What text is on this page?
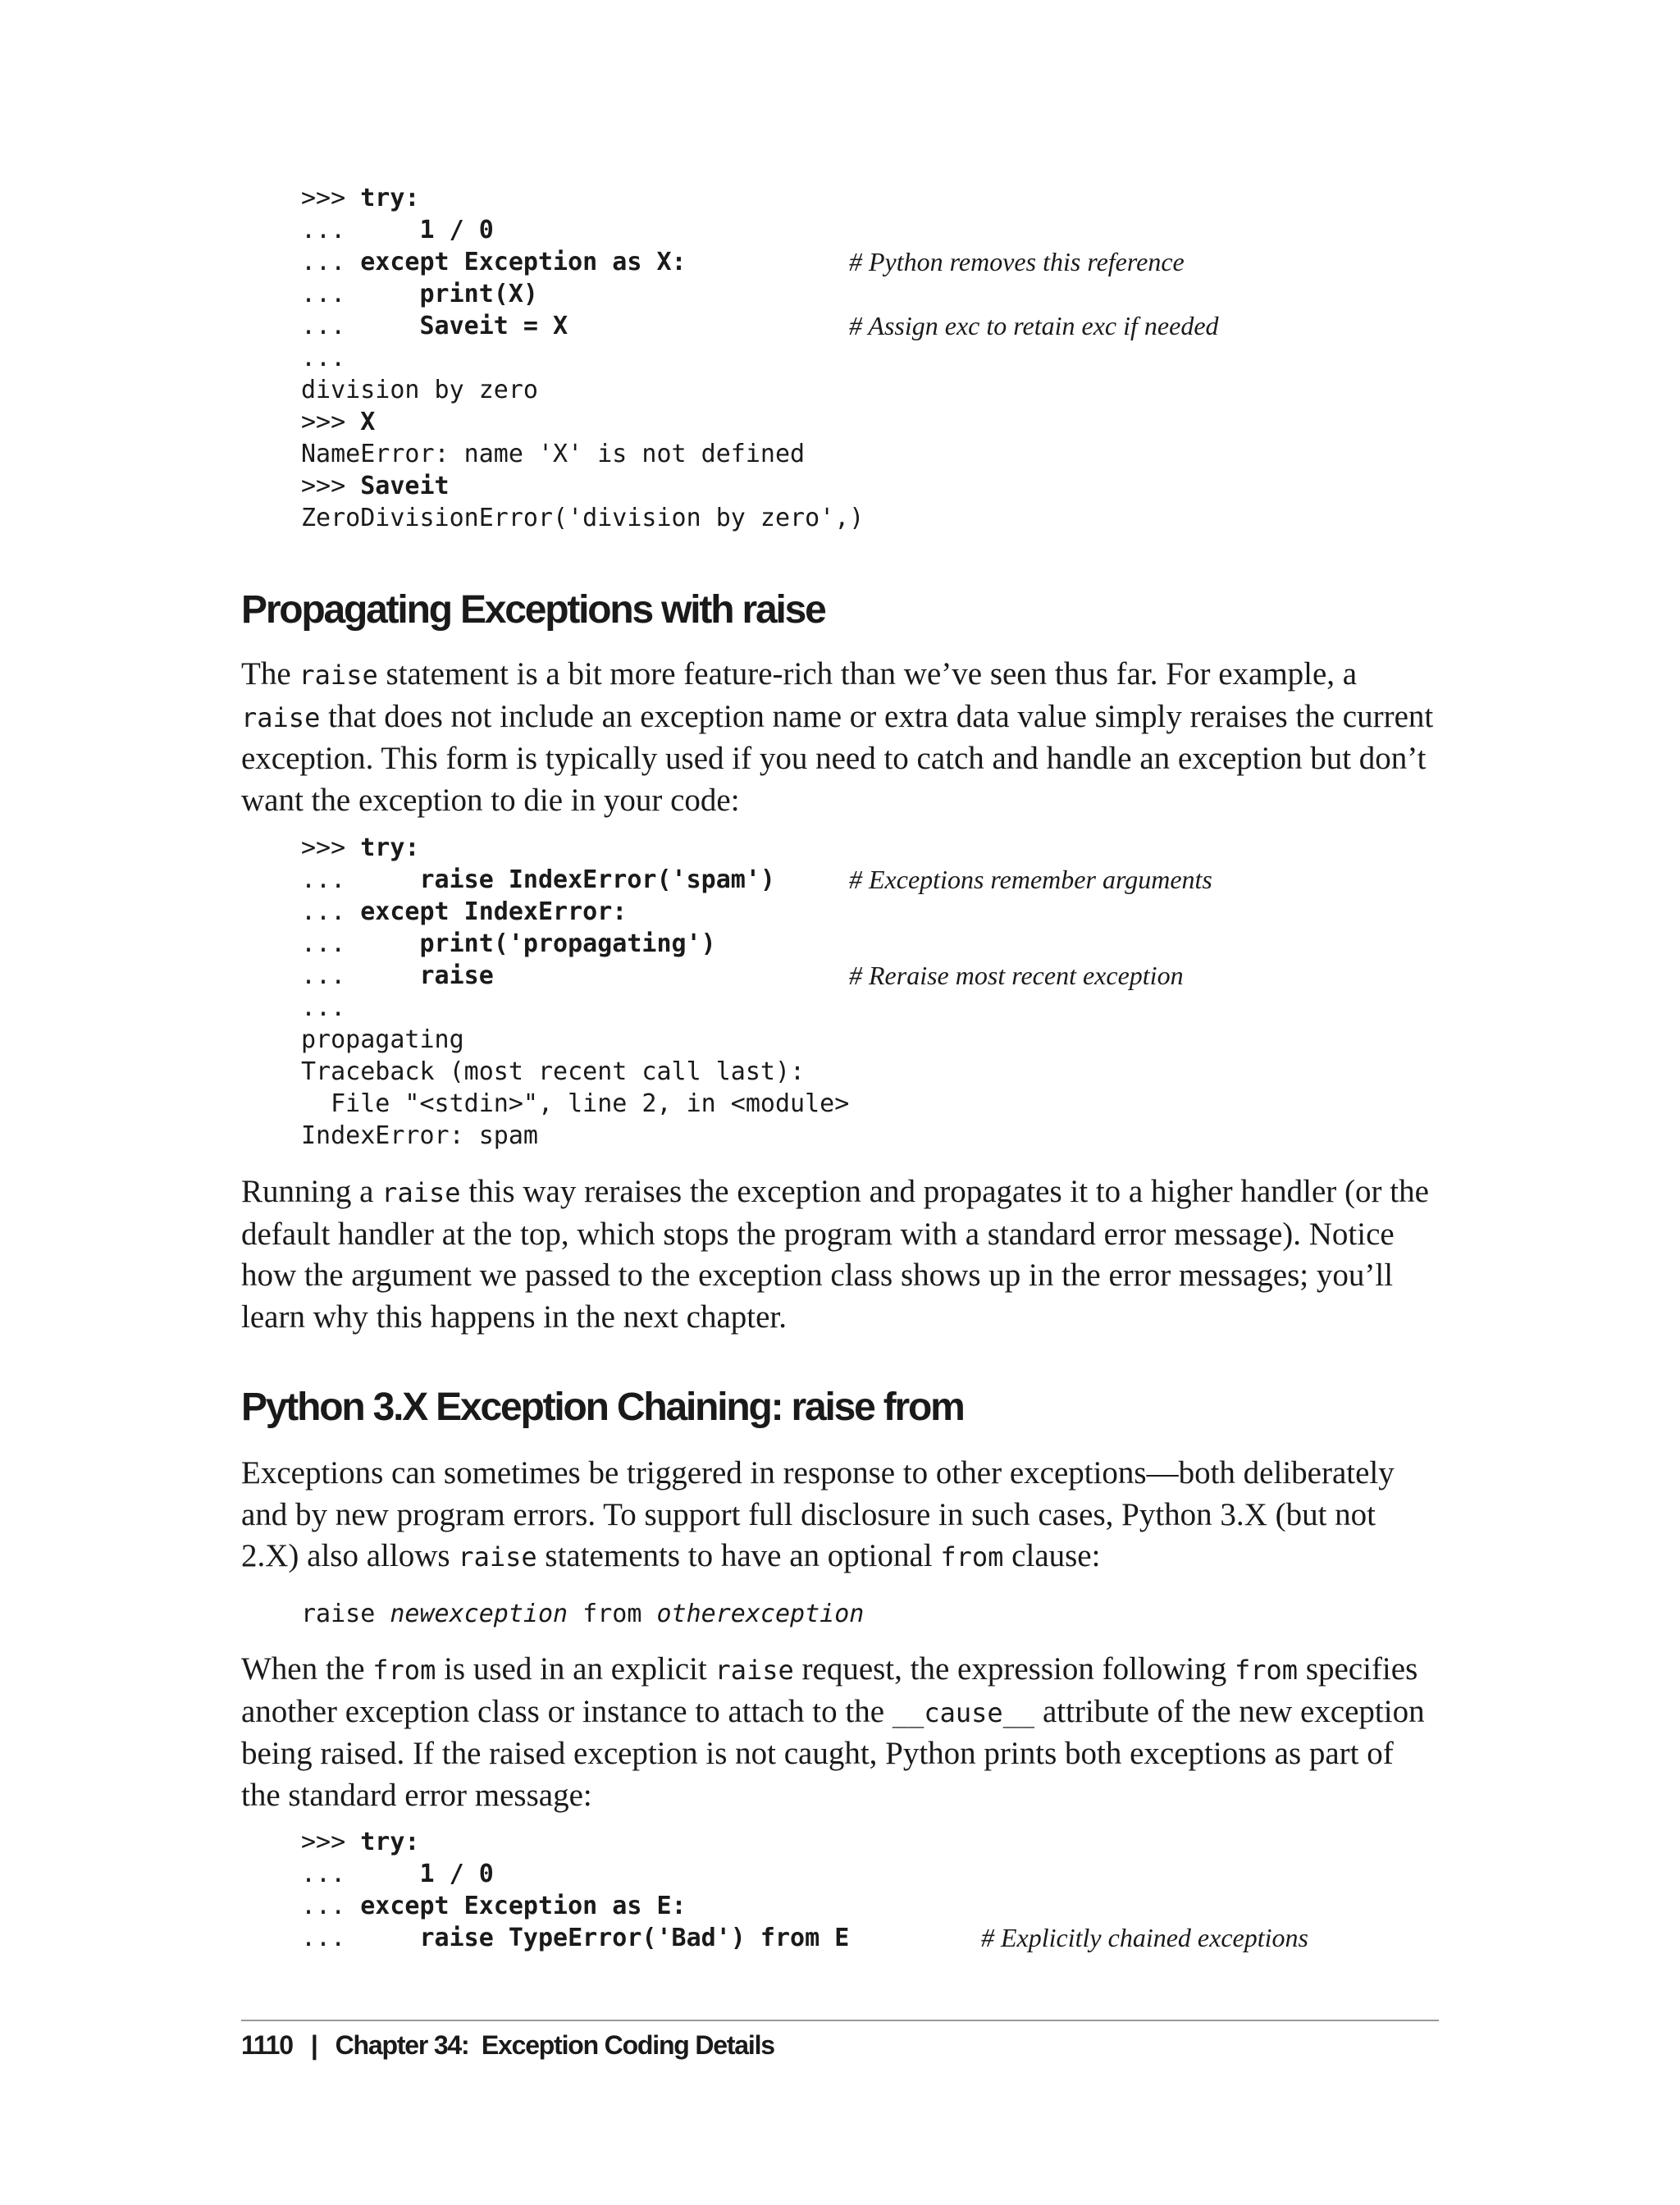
>>> try:
...     1 / 0
... except Exception as X:	# Python removes this reference
...     print(X)
...     Saveit = X	# Assign exc to retain exc if needed
...
division by zero
>>> X
NameError: name 'X' is not defined
>>> Saveit
ZeroDivisionError('division by zero',)
Propagating Exceptions with raise
The raise statement is a bit more feature-rich than we’ve seen thus far. For example, a raise that does not include an exception name or extra data value simply reraises the current exception. This form is typically used if you need to catch and handle an exception but don’t want the exception to die in your code:
>>> try:
...     raise IndexError('spam')	# Exceptions remember arguments
... except IndexError:
...     print('propagating')
...     raise	# Reraise most recent exception
...
propagating
Traceback (most recent call last):
File "<stdin>", line 2, in <module>
IndexError: spam
Running a raise this way reraises the exception and propagates it to a higher handler (or the default handler at the top, which stops the program with a standard error message). Notice how the argument we passed to the exception class shows up in the error messages; you’ll learn why this happens in the next chapter.
Python 3.X Exception Chaining: raise from
Exceptions can sometimes be triggered in response to other exceptions—both deliberately and by new program errors. To support full disclosure in such cases, Python 3.X (but not 2.X) also allows raise statements to have an optional from clause:
raise newexception from otherexception
When the from is used in an explicit raise request, the expression following from specifies another exception class or instance to attach to the __cause__ attribute of the new exception being raised. If the raised exception is not caught, Python prints both exceptions as part of the standard error message:
>>> try:
...     1 / 0
... except Exception as E:
...     raise TypeError('Bad') from E	# Explicitly chained exceptions
1110 | Chapter 34:  Exception Coding Details
